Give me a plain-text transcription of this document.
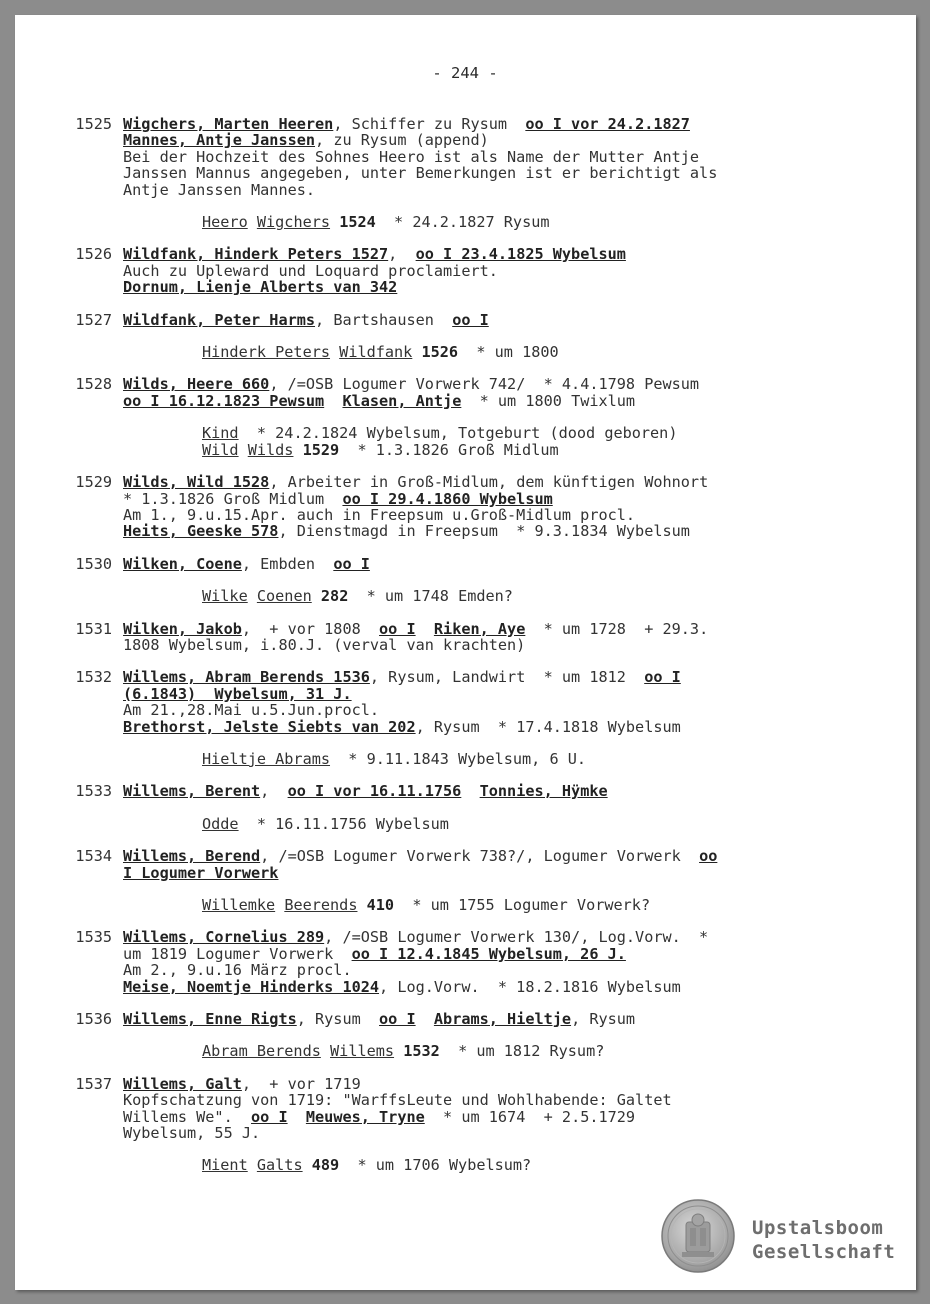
- 244 -
1525 Wigchers, Marten Heeren, Schiffer zu Rysum  oo I vor 24.2.1827
Mannes, Antje Janssen, zu Rysum (append)
Bei der Hochzeit des Sohnes Heero ist als Name der Mutter Antje
Janssen Mannus angegeben, unter Bemerkungen ist er berichtigt als
Antje Janssen Mannes.
Heero Wigchers 1524  * 24.2.1827 Rysum
1526 Wildfank, Hinderk Peters 1527,  oo I 23.4.1825 Wybelsum
Auch zu Upleward und Loquard proclamiert.
Dornum, Lienje Alberts van 342
1527 Wildfank, Peter Harms, Bartshausen  oo I
Hinderk Peters Wildfank 1526  * um 1800
1528 Wilds, Heere 660, /=OSB Logumer Vorwerk 742/  * 4.4.1798 Pewsum
oo I 16.12.1823 Pewsum Klasen, Antje  * um 1800 Twixlum
Kind  * 24.2.1824 Wybelsum, Totgeburt (dood geboren)
Wild Wilds 1529  * 1.3.1826 Groß Midlum
1529 Wilds, Wild 1528, Arbeiter in Groß-Midlum, dem künftigen Wohnort
* 1.3.1826 Groß Midlum  oo I 29.4.1860 Wybelsum
Am 1., 9.u.15.Apr. auch in Freepsum u.Groß-Midlum procl.
Heits, Geeske 578, Dienstmagd in Freepsum  * 9.3.1834 Wybelsum
1530 Wilken, Coene, Embden  oo I
Wilke Coenen 282  * um 1748 Emden?
1531 Wilken, Jakob,  + vor 1808  oo I Riken, Aye  * um 1728  + 29.3.
1808 Wybelsum, i.80.J. (verval van krachten)
1532 Willems, Abram Berends 1536, Rysum, Landwirt  * um 1812  oo I
(6.1843)  Wybelsum, 31 J.
Am 21.,28.Mai u.5.Jun.procl.
Brethorst, Jelste Siebts van 202, Rysum  * 17.4.1818 Wybelsum
Hieltje Abrams  * 9.11.1843 Wybelsum, 6 U.
1533 Willems, Berent,  oo I vor 16.11.1756 Tonnies, Hÿmke
Odde  * 16.11.1756 Wybelsum
1534 Willems, Berend, /=OSB Logumer Vorwerk 738?/, Logumer Vorwerk  oo
I Logumer Vorwerk
Willemke Beerends 410  * um 1755 Logumer Vorwerk?
1535 Willems, Cornelius 289, /=OSB Logumer Vorwerk 130/, Log.Vorw.  *
um 1819 Logumer Vorwerk  oo I 12.4.1845 Wybelsum, 26 J.
Am 2., 9.u.16 März procl.
Meise, Noemtje Hinderks 1024, Log.Vorw.  * 18.2.1816 Wybelsum
1536 Willems, Enne Rigts, Rysum  oo I Abrams, Hieltje, Rysum
Abram Berends Willems 1532  * um 1812 Rysum?
1537 Willems, Galt,  + vor 1719
Kopfschatzung von 1719: "WarffsLeute und Wohlhabende: Galtet
Willems We".  oo I Meuwes, Tryne  * um 1674  + 2.5.1729
Wybelsum, 55 J.
Mient Galts 489  * um 1706 Wybelsum?
Upstalsboom
Gesellschaft
